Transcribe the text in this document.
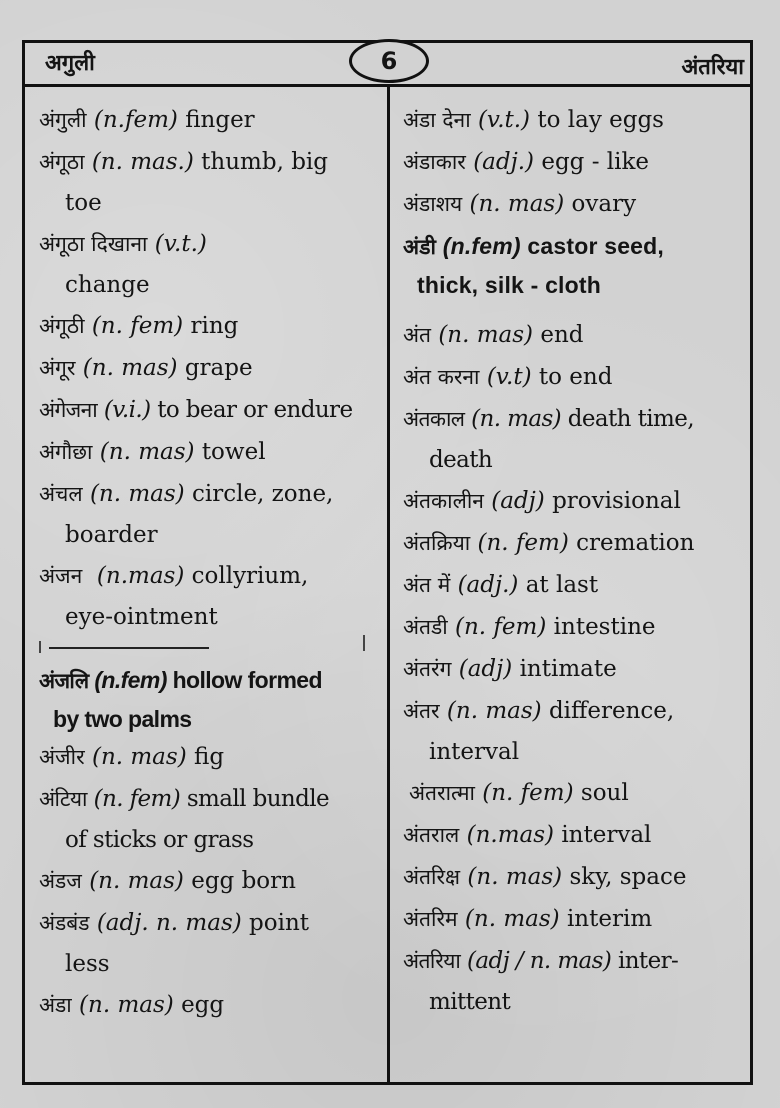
अगुली	6	अंतरिया

अंगुली (n.fem) finger

अंगूठा (n. mas.) thumb, big
toe

अंगूठा दिखाना (v.t.)
change

अंगूठी (n. fem) ring

अंगूर (n. mas) grape

अंगेजना (v.i.) to bear or endure

अंगौछा (n. mas) towel

अंचल (n. mas) circle, zone,
boarder

अंजन (n.mas) collyrium,
eye-ointment

अंजलि (n.fem) hollow formed
by two palms

अंजीर (n. mas) fig

अंटिया (n. fem) small bundle
of sticks or grass

अंडज (n. mas) egg born

अंडबंड (adj. n. mas) point
less

अंडा (n. mas) egg

अंडा देना (v.t.) to lay eggs

अंडाकार (adj.) egg - like

अंडाशय (n. mas) ovary

अंडी (n.fem) castor seed,
thick, silk - cloth

अंत (n. mas) end

अंत करना (v.t) to end

अंतकाल (n. mas) death time,
death

अंतकालीन (adj) provisional

अंतक्रिया (n. fem) cremation

अंत में (adj.) at last

अंतडी (n. fem) intestine

अंतरंग (adj) intimate

अंतर (n. mas) difference,
interval

अंतरात्मा (n. fem) soul

अंतराल (n.mas) interval

अंतरिक्ष (n. mas) sky, space

अंतरिम (n. mas) interim

अंतरिया (adj / n. mas) inter-
mittent
